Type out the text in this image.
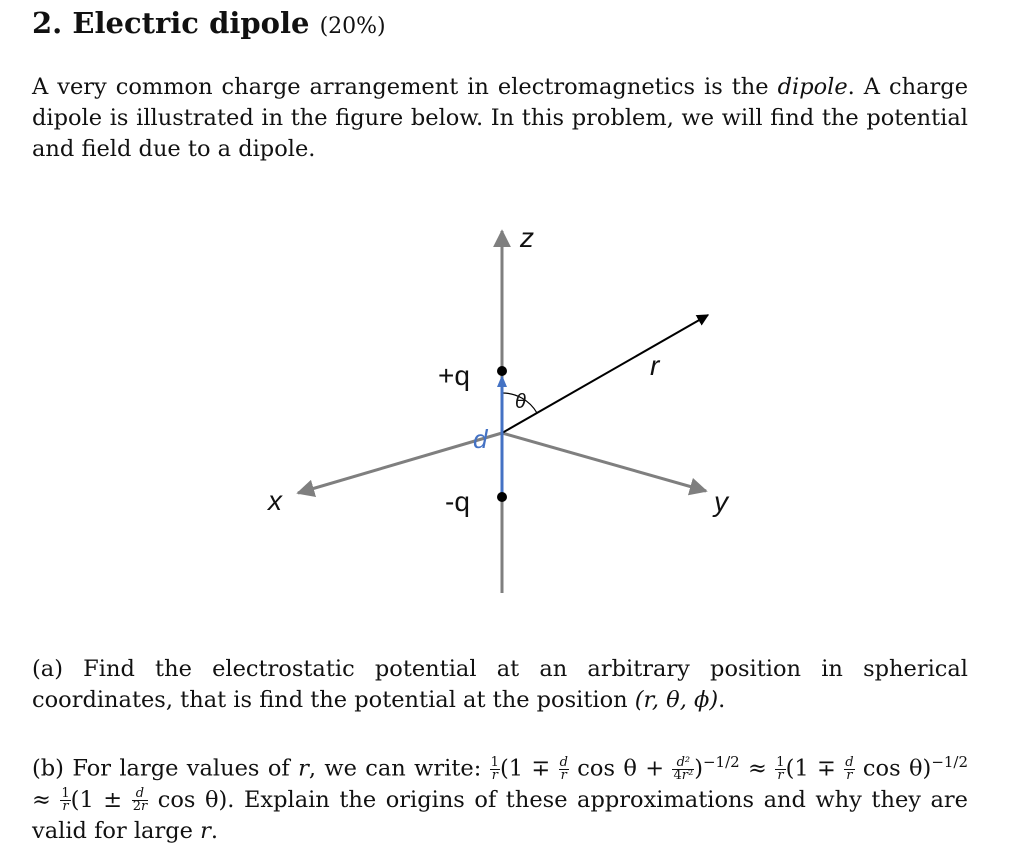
2. Electric dipole (20%)

A very common charge arrangement in electromagnetics is the dipole. A charge dipole is illustrated in the figure below. In this problem, we will find the potential and field due to a dipole.

z
x	y
r
θ
d
+q
-q

(a) Find the electrostatic potential at an arbitrary position in spherical coordinates, that is find the potential at the position (r, θ, ϕ).

(b) For large values of r, we can write: $\frac{1}{r} (1 \mp \frac{d}{r}$ $\cos \theta + \frac{\text{d²}}{\text{4r²}} )^{-1/2} \approx \frac{1}{r} (1 \mp \frac{d}{r}$ $\cos \theta)^{-1/2} \approx \frac{1}{r} (1 \pm \frac{d}{2r}$ cos θ). Explain the origins of these approximations and why they are valid for large r.
